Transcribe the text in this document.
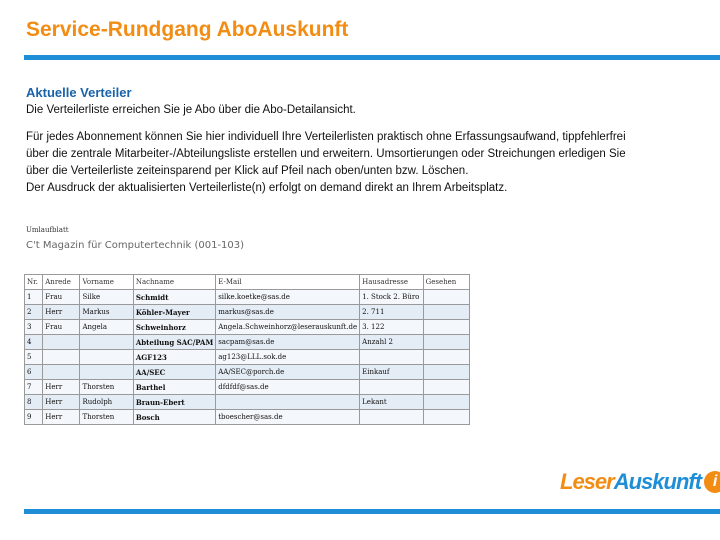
Service-Rundgang AboAuskunft

Aktuelle Verteiler

Die Verteilerliste erreichen Sie je Abo über die Abo-Detailansicht.

Für jedes Abonnement können Sie hier individuell Ihre Verteilerlisten praktisch ohne Erfassungsaufwand, tippfehlerfrei
über die zentrale Mitarbeiter-/Abteilungsliste erstellen und erweitern. Umsortierungen oder Streichungen erledigen Sie
über die Verteilerliste zeiteinsparend per Klick auf Pfeil nach oben/unten bzw. Löschen.
Der Ausdruck der aktualisierten Verteilerliste(n) erfolgt on demand direkt an Ihrem Arbeitsplatz.
Umlaufblatt
C't Magazin für Computertechnik (001-103)
Nr.	Anrede	Vorname	Nachname	E-Mail	Hausadresse	Gesehen
1	Frau	Silke	Schmidt	silke.koetke@sas.de	1. Stock 2. Büro	
2	Herr	Markus	Köhler-Mayer	markus@sas.de	2. 711	
3	Frau	Angela	Schweinhorz	Angela.Schweinhorz@leserauskunft.de	3. 122	
4			Abteilung SAC/PAM	sacpam@sas.de	Anzahl 2	
5			AGF123	ag123@LLL.sok.de		
6			AA/SEC	AA/SEC@porch.de	Einkauf	
7	Herr	Thorsten	Barthel	dfdfdf@sas.de		
8	Herr	Rudolph	Braun-Ebert		Lekant	
9	Herr	Thorsten	Bosch	tboescher@sas.de		
Leser Auskunft i
